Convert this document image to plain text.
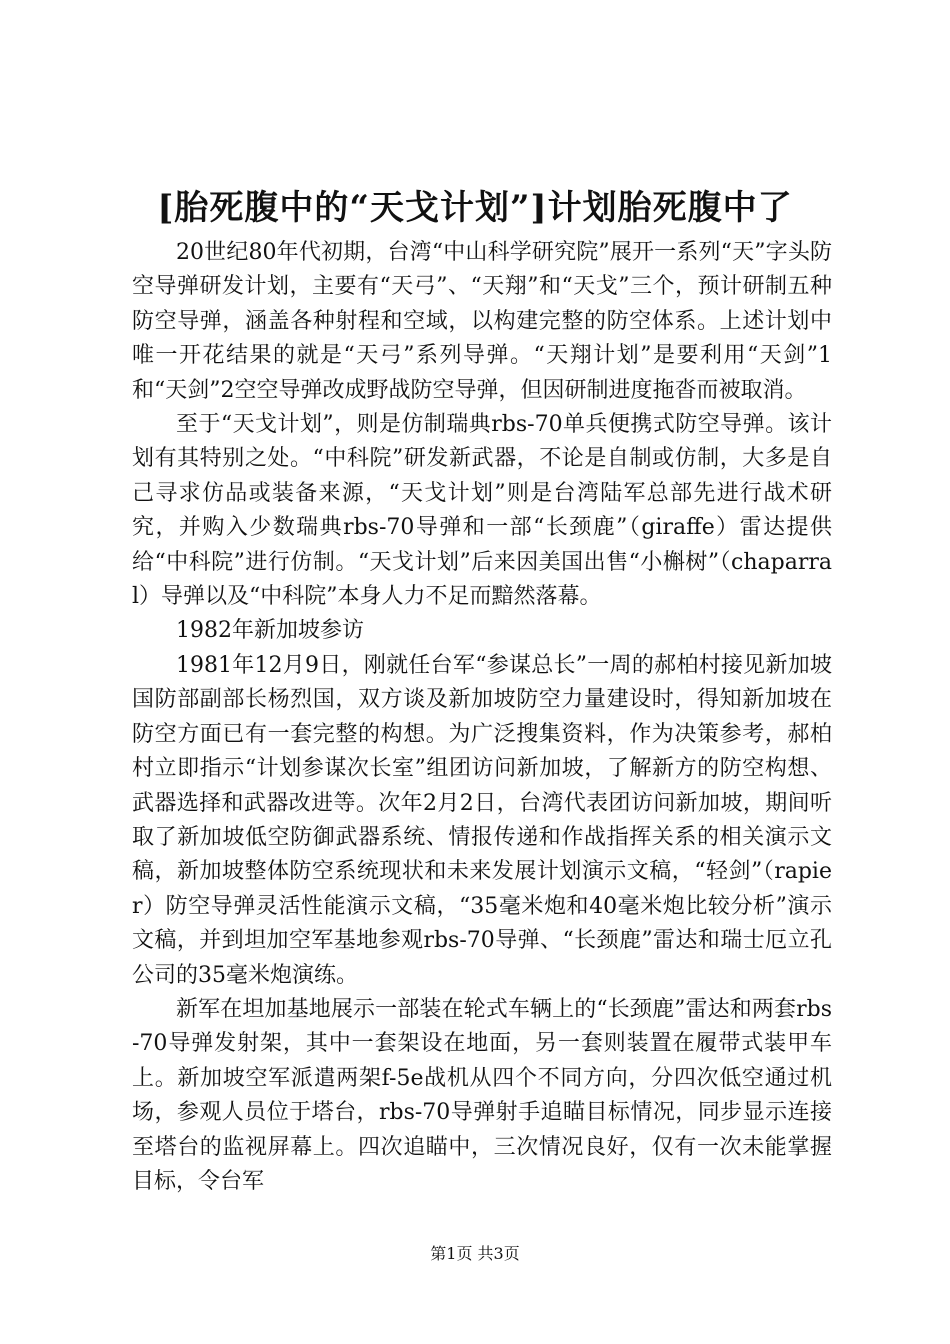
[胎死腹中的“天戈计划”]计划胎死腹中了

20世纪80年代初期，台湾“中山科学研究院”展开一系列“天”字头防空导弹研发计划，主要有“天弓”、“天翔”和“天戈”三个，预计研制五种防空导弹，涵盖各种射程和空域，以构建完整的防空体系。上述计划中唯一开花结果的就是“天弓”系列导弹。“天翔计划”是要利用“天剑”1和“天剑”2空空导弹改成野战防空导弹，但因研制进度拖沓而被取消。

至于“天戈计划”，则是仿制瑞典rbs-70单兵便携式防空导弹。该计划有其特别之处。“中科院”研发新武器，不论是自制或仿制，大多是自己寻求仿品或装备来源，“天戈计划”则是台湾陆军总部先进行战术研究，并购入少数瑞典rbs-70导弹和一部“长颈鹿”（giraffe）雷达提供给“中科院”进行仿制。“天戈计划”后来因美国出售“小槲树”（chaparral）导弹以及“中科院”本身人力不足而黯然落幕。

1982年新加坡参访

1981年12月9日，刚就任台军“参谋总长”一周的郝柏村接见新加坡国防部副部长杨烈国，双方谈及新加坡防空力量建设时，得知新加坡在防空方面已有一套完整的构想。为广泛搜集资料，作为决策参考，郝柏村立即指示“计划参谋次长室”组团访问新加坡，了解新方的防空构想、武器选择和武器改进等。次年2月2日，台湾代表团访问新加坡，期间听取了新加坡低空防御武器系统、情报传递和作战指挥关系的相关演示文稿，新加坡整体防空系统现状和未来发展计划演示文稿，“轻剑”（rapier）防空导弹灵活性能演示文稿，“35毫米炮和40毫米炮比较分析”演示文稿，并到坦加空军基地参观rbs-70导弹、“长颈鹿”雷达和瑞士厄立孔公司的35毫米炮演练。

新军在坦加基地展示一部装在轮式车辆上的“长颈鹿”雷达和两套rbs-70导弹发射架，其中一套架设在地面，另一套则装置在履带式装甲车上。新加坡空军派遣两架f-5e战机从四个不同方向，分四次低空通过机场，参观人员位于塔台，rbs-70导弹射手追瞄目标情况，同步显示连接至塔台的监视屏幕上。四次追瞄中，三次情况良好，仅有一次未能掌握目标，令台军

第1页 共3页
